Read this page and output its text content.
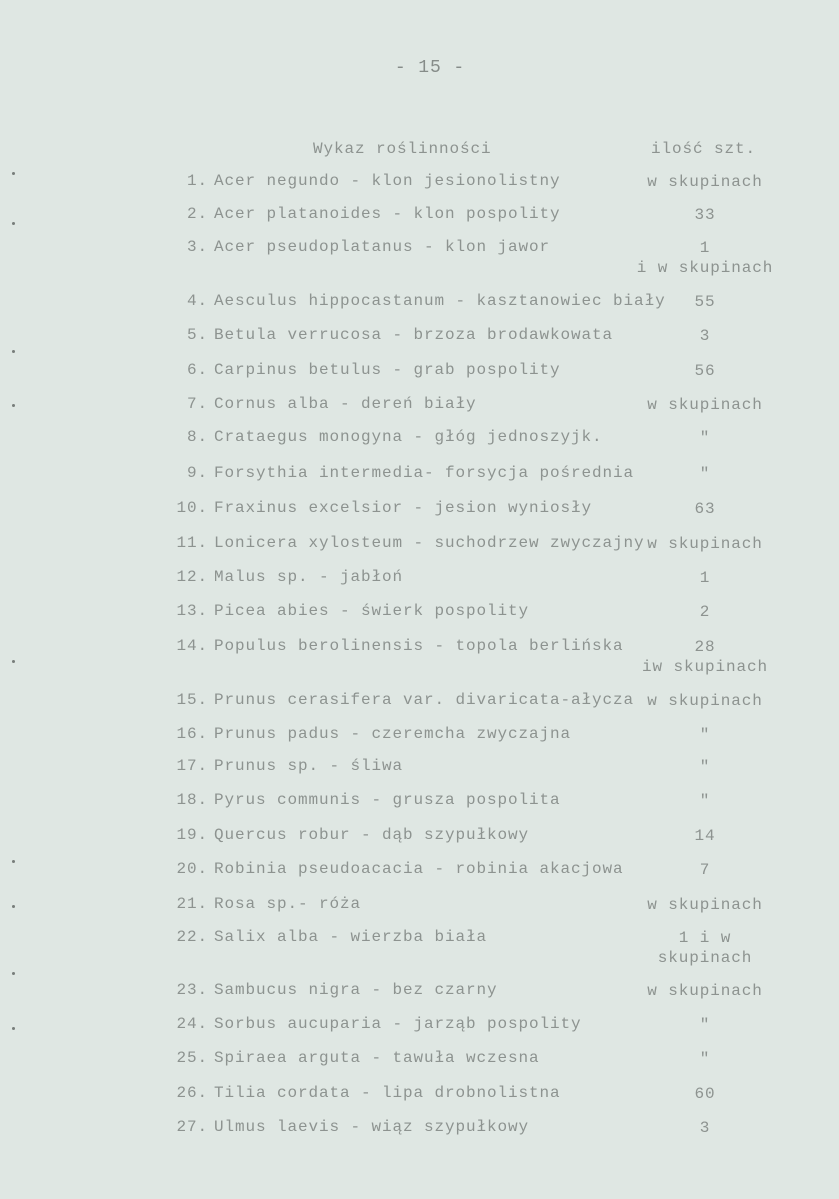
- 15 -
Wykaz roślinności	ilość szt.
1. Acer negundo - klon jesionolistny	w skupinach
2. Acer platanoides - klon pospolity	33
3. Acer pseudoplatanus - klon jawor	1
i w skupinach
4. Aesculus hippocastanum - kasztanowiec biały	55
5. Betula verrucosa - brzoza brodawkowata	3
6. Carpinus betulus - grab pospolity	56
7. Cornus alba - dereń biały	w skupinach
8. Crataegus monogyna - głóg jednoszyjk.	"
9. Forsythia intermedia- forsycja pośrednia	"
10. Fraxinus excelsior - jesion wyniosły	63
11. Lonicera xylosteum - suchodrzew zwyczajny w skupinach
12. Malus sp. - jabłoń	1
13. Picea abies - świerk pospolity	2
14. Populus berolinensis - topola berlińska	28
iw skupinach
15. Prunus cerasifera var. divaricata-ałycza w skupinach
16. Prunus padus - czeremcha zwyczajna	"
17. Prunus sp. - śliwa	"
18. Pyrus communis - grusza pospolita	"
19. Quercus robur - dąb szypułkowy	14
20. Robinia pseudoacacia - robinia akacjowa	7
21. Rosa sp.- róża	w skupinach
22. Salix alba - wierzba biała	1 i w
skupinach
23. Sambucus nigra - bez czarny	w skupinach
24. Sorbus aucuparia - jarząb pospolity	"
25. Spiraea arguta - tawuła wczesna	"
26. Tilia cordata - lipa drobnolistna	60
27. Ulmus laevis - wiąz szypułkowy	3
